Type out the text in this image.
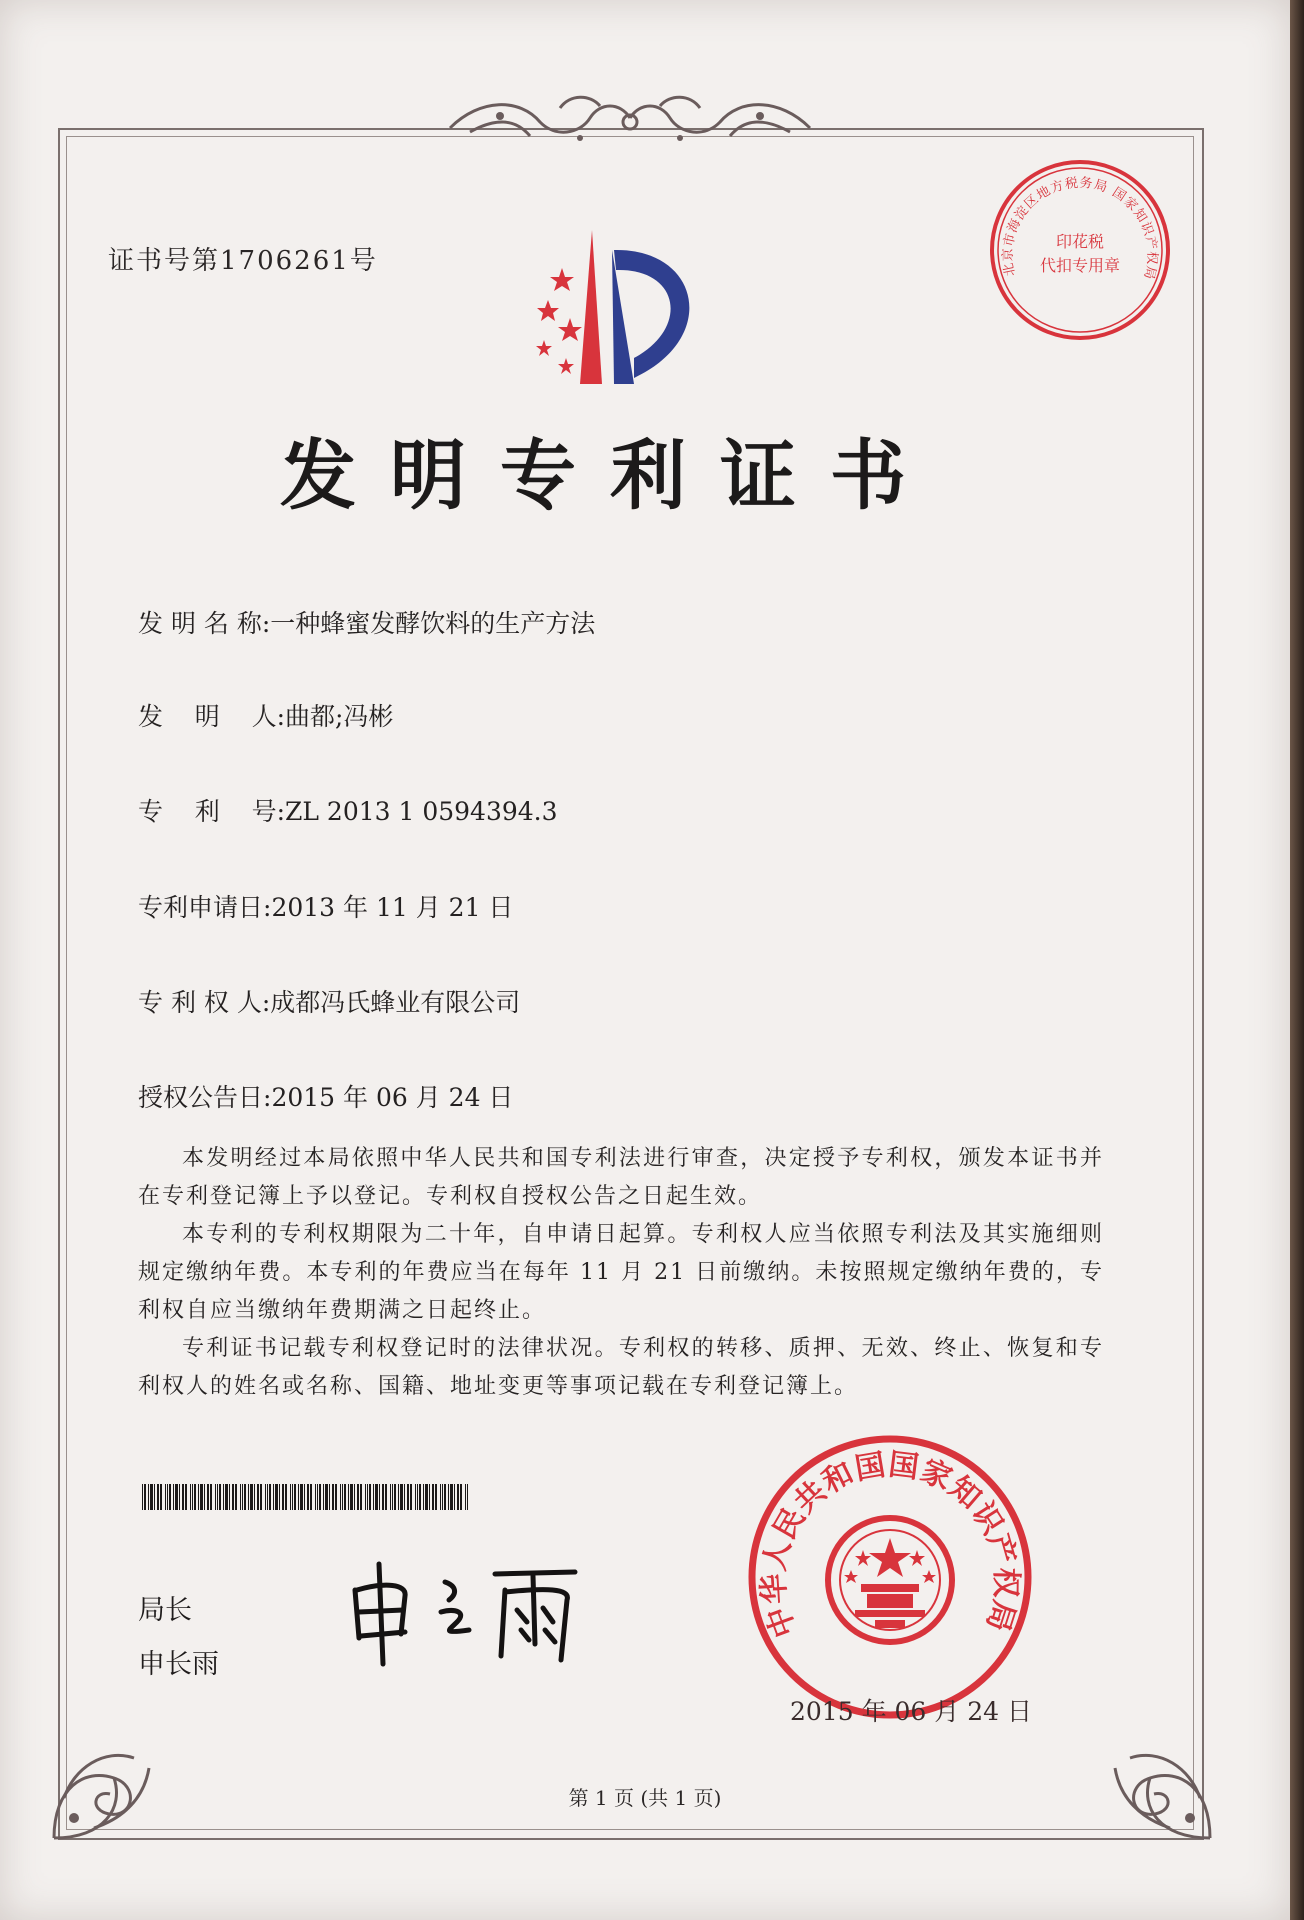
证书号第1706261号	北京市海淀区地方税务局 国家知识产权局
印花税
代扣专用章
发明专利证书
发 明 名 称:一种蜂蜜发酵饮料的生产方法
发    明    人:曲都;冯彬
专    利    号:ZL 2013 1 0594394.3
专利申请日:2013 年 11 月 21 日
专 利 权 人:成都冯氏蜂业有限公司
授权公告日:2015 年 06 月 24 日

本发明经过本局依照中华人民共和国专利法进行审查，决定授予专利权，颁发本证书并在专利登记簿上予以登记。专利权自授权公告之日起生效。

本专利的专利权期限为二十年，自申请日起算。专利权人应当依照专利法及其实施细则规定缴纳年费。本专利的年费应当在每年 11 月 21 日前缴纳。未按照规定缴纳年费的，专利权自应当缴纳年费期满之日起终止。

专利证书记载专利权登记时的法律状况。专利权的转移、质押、无效、终止、恢复和专利权人的姓名或名称、国籍、地址变更等事项记载在专利登记簿上。

局长
申长雨
中华人民共和国国家知识产权局
2015 年 06 月 24 日
第 1 页 (共 1 页)
